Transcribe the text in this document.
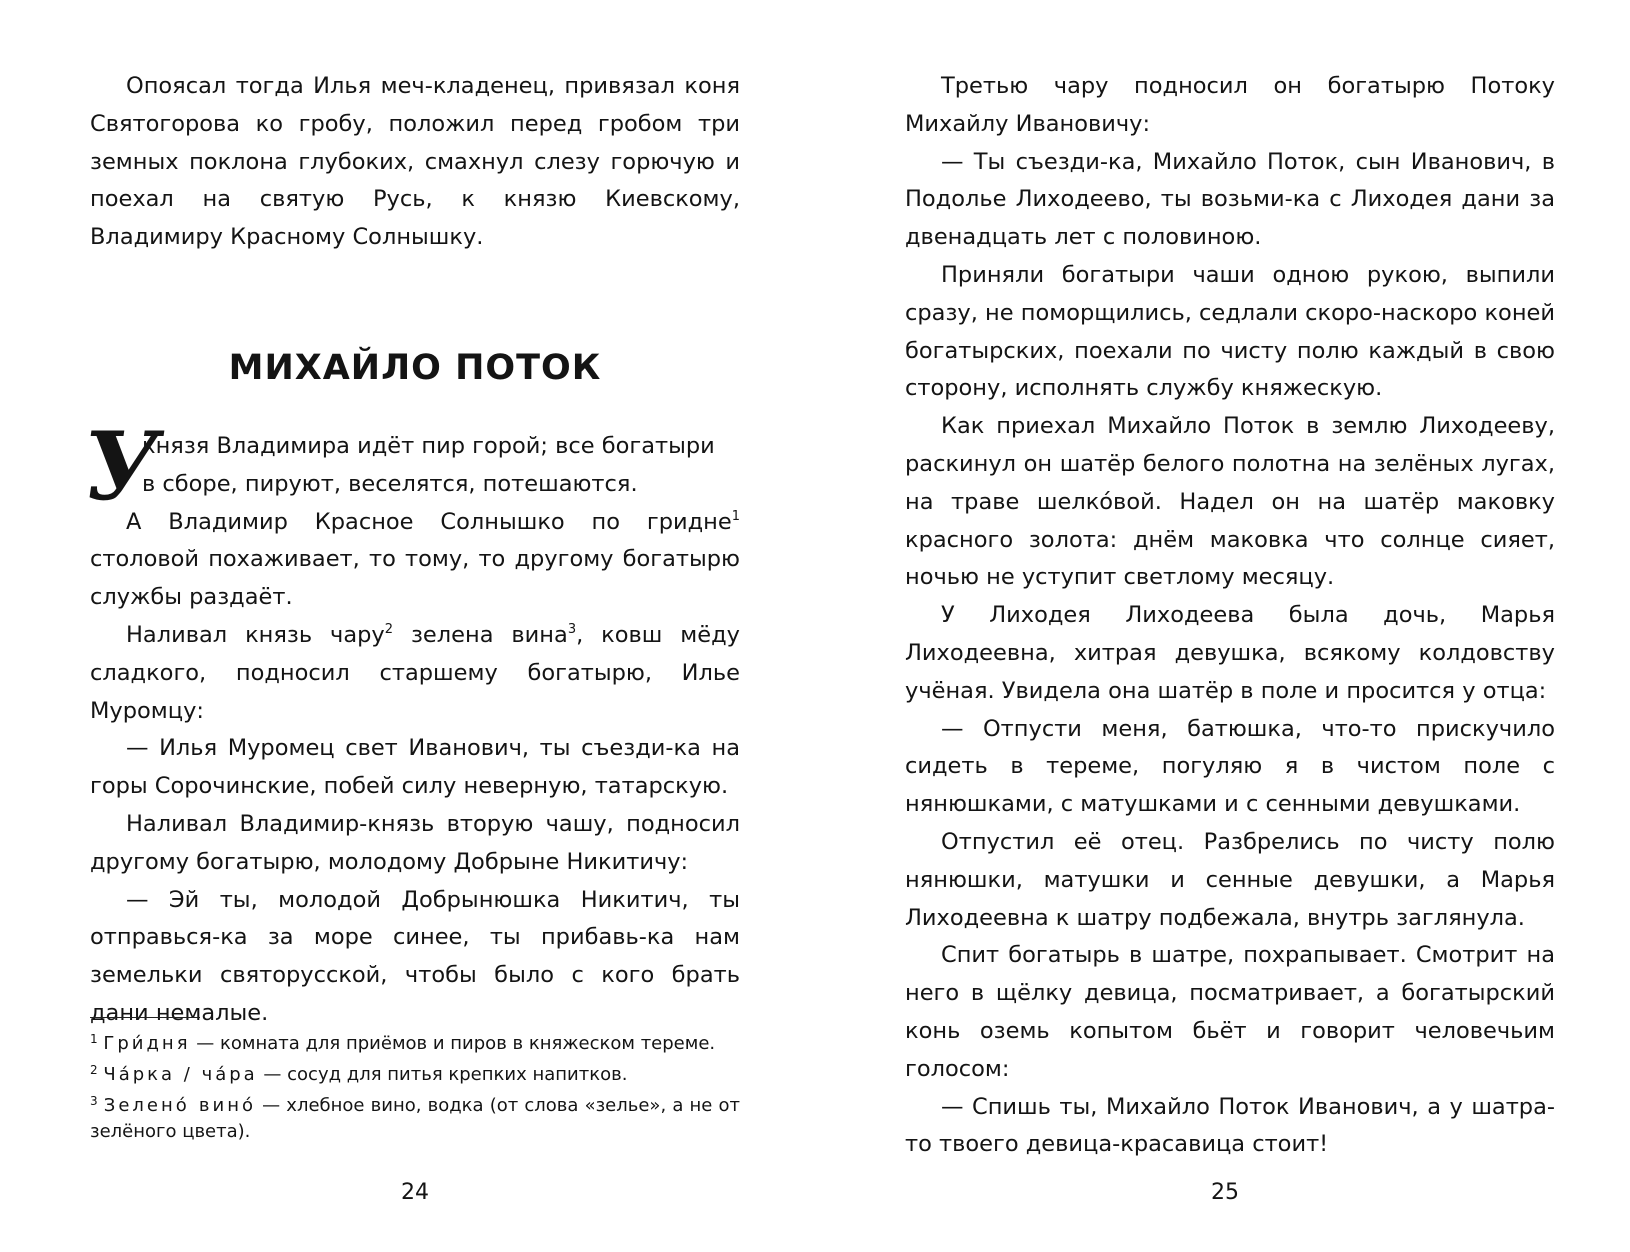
Опоясал тогда Илья меч-кладенец, привязал коня Святогорова ко гробу, положил перед гробом три земных поклона глубоких, смахнул слезу горючую и поехал на святую Русь, к князю Киевскому, Владимиру Красному Солнышку.

МИХАЙЛО ПОТОК
У

князя Владимира идёт пир горой; все богатыри

в сборе, пируют, веселятся, потешаются.

А Владимир Красное Солнышко по гридне$^1$ столовой похаживает, то тому, то другому богатырю службы раздаёт.

Наливал князь чару$^2$ зелена вина$^3$, ковш мёду сладкого, подносил старшему богатырю, Илье Муромцу:

— Илья Муромец свет Иванович, ты съезди-ка на горы Сорочинские, побей силу неверную, татарскую.

Наливал Владимир-князь вторую чашу, подносил другому богатырю, молодому Добрыне Никитичу:

— Эй ты, молодой Добрынюшка Никитич, ты отправься-ка за море синее, ты прибавь-ка нам земельки святорусской, чтобы было с кого брать дани немалые.

$^1$ Гри́дня — комната для приёмов и пиров в княжеском тереме.

$^2$ Ча́рка / ча́ра — сосуд для питья крепких напитков.

$^3$ Зелено́ вино́ — хлебное вино, водка (от слова «зелье», а не от зелёного цвета).

24

Третью чару подносил он богатырю Потоку Михайлу Ивановичу:

— Ты съезди-ка, Михайло Поток, сын Иванович, в Подолье Лиходеево, ты возьми-ка с Лиходея дани за двенадцать лет с половиною.

Приняли богатыри чаши одною рукою, выпили сразу, не поморщились, седлали скоро-наскоро коней богатырских, поехали по чисту полю каждый в свою сторону, исполнять службу княжескую.

Как приехал Михайло Поток в землю Лиходееву, раскинул он шатёр белого полотна на зелёных лугах, на траве шелко́вой. Надел он на шатёр маковку красного золота: днём маковка что солнце сияет, ночью не уступит светлому месяцу.

У Лиходея Лиходеева была дочь, Марья Лиходеевна, хитрая девушка, всякому колдовству учёная. Увидела она шатёр в поле и просится у отца:

— Отпусти меня, батюшка, что-то прискучило сидеть в тереме, погуляю я в чистом поле с нянюшками, с матушками и с сенными девушками.

Отпустил её отец. Разбрелись по чисту полю нянюшки, матушки и сенные девушки, а Марья Лиходеевна к шатру подбежала, внутрь заглянула.

Спит богатырь в шатре, похрапывает. Смотрит на него в щёлку девица, посматривает, а богатырский конь оземь копытом бьёт и говорит человечьим голосом:

— Спишь ты, Михайло Поток Иванович, а у шатра-то твоего девица-красавица стоит!

25
